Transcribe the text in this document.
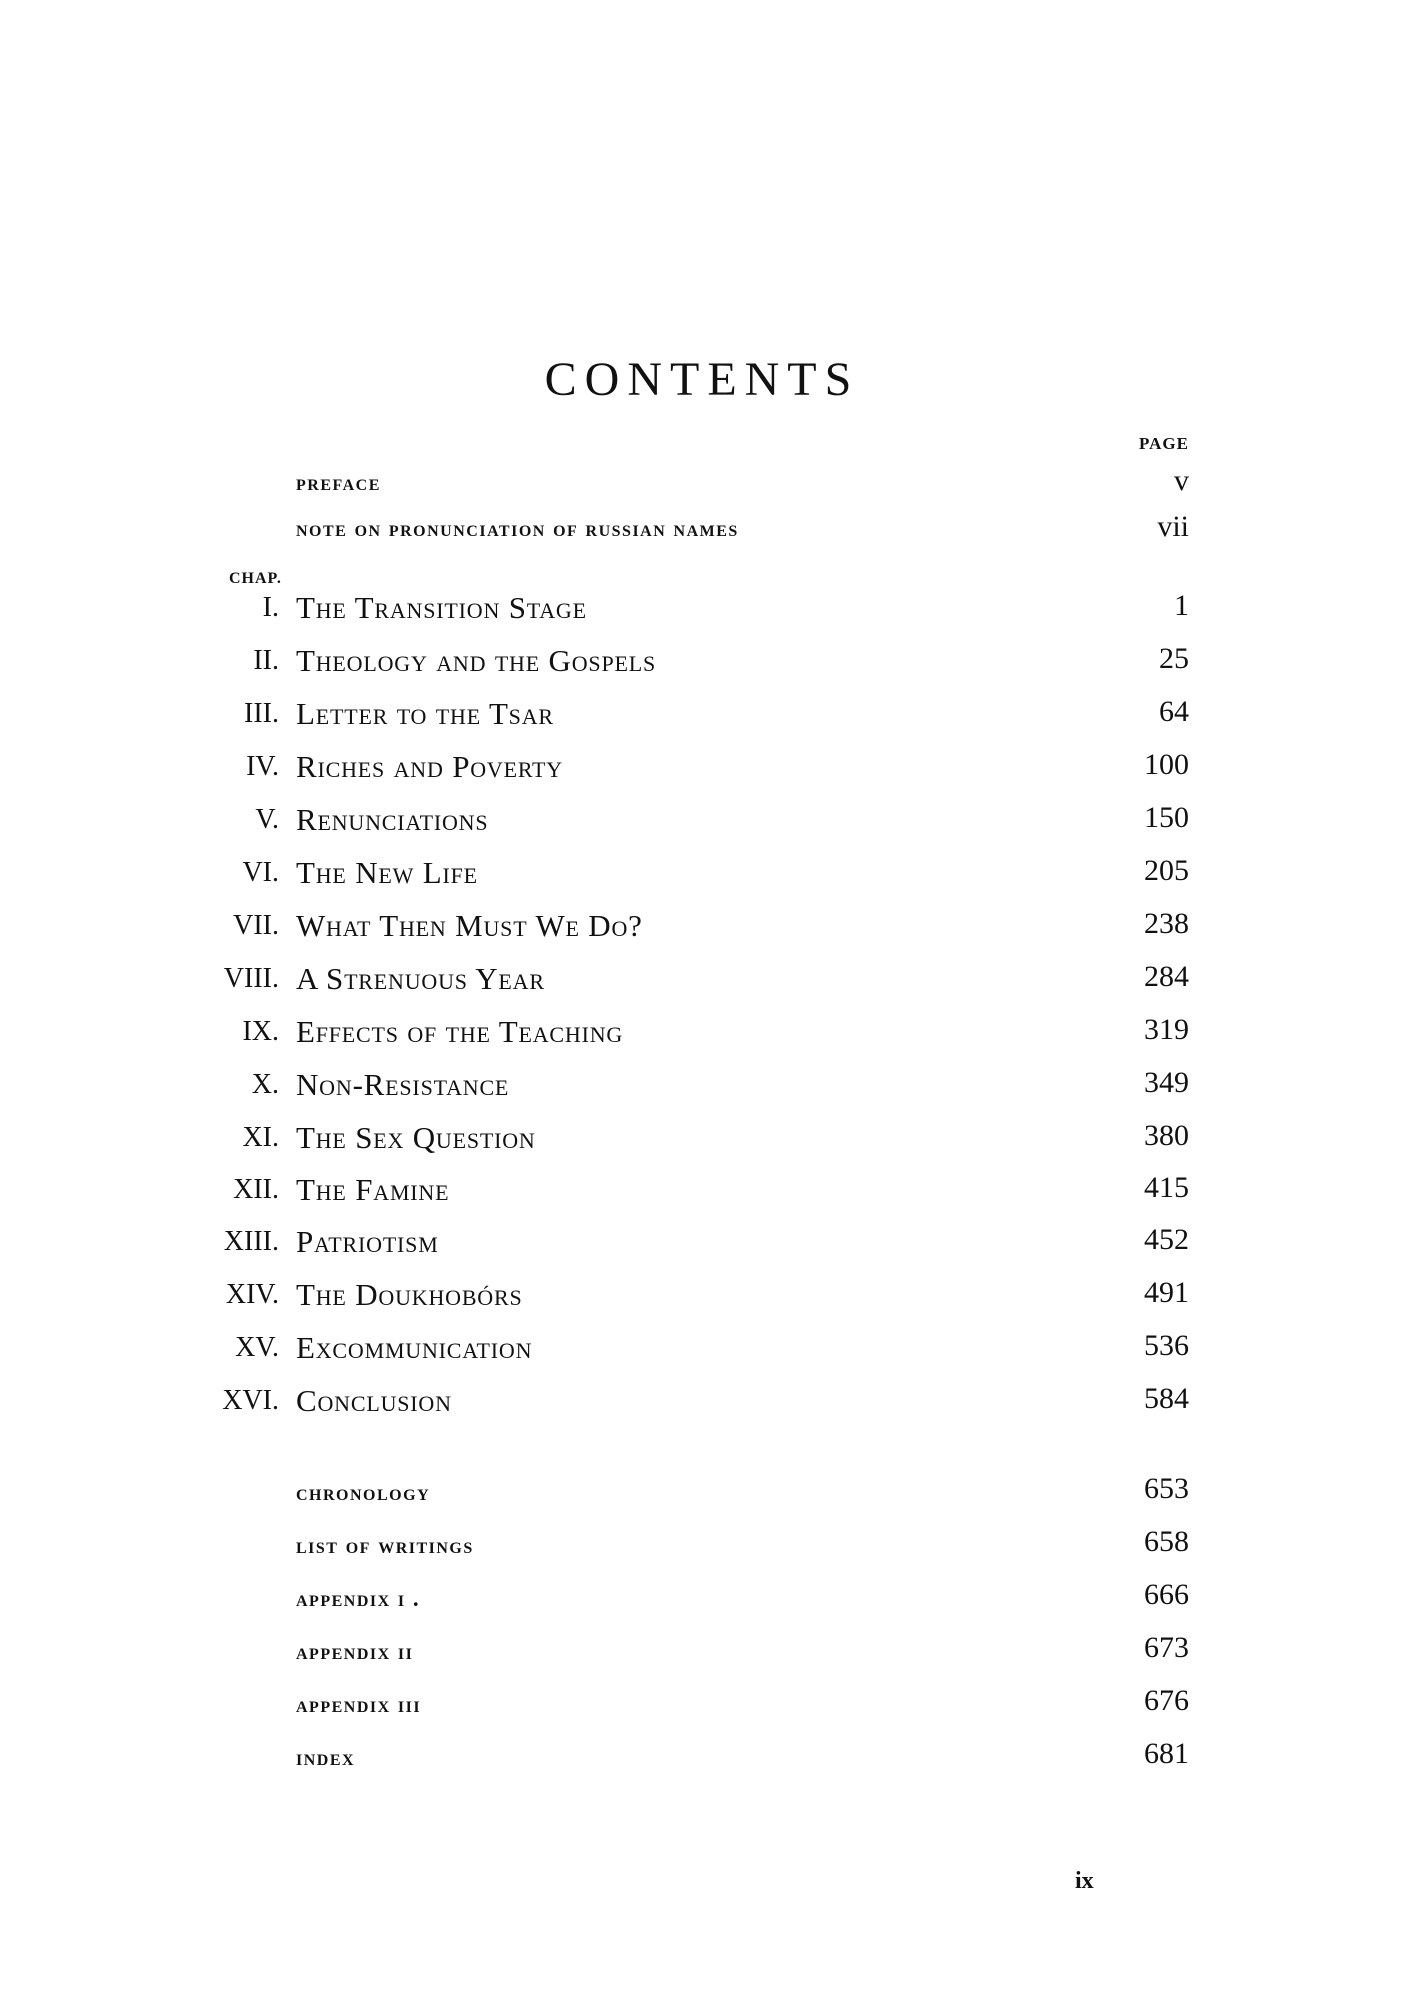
CONTENTS
PAGE
preface	v
note on pronunciation of russian names	vii
CHAP.
I. The Transition Stage	1
II. Theology and the Gospels	25
III. Letter to the Tsar	64
IV. Riches and Poverty	100
V. Renunciations	150
VI. The New Life	205
VII. What Then Must We Do?	238
VIII. A Strenuous Year	284
IX. Effects of the Teaching	319
X. Non-Resistance	349
XI. The Sex Question	380
XII. The Famine	415
XIII. Patriotism	452
XIV. The Doukhobórs	491
XV. Excommunication	536
XVI. Conclusion	584
chronology	653
list of writings	658
appendix i .	666
appendix ii	673
appendix iii	676
index	681
ix
